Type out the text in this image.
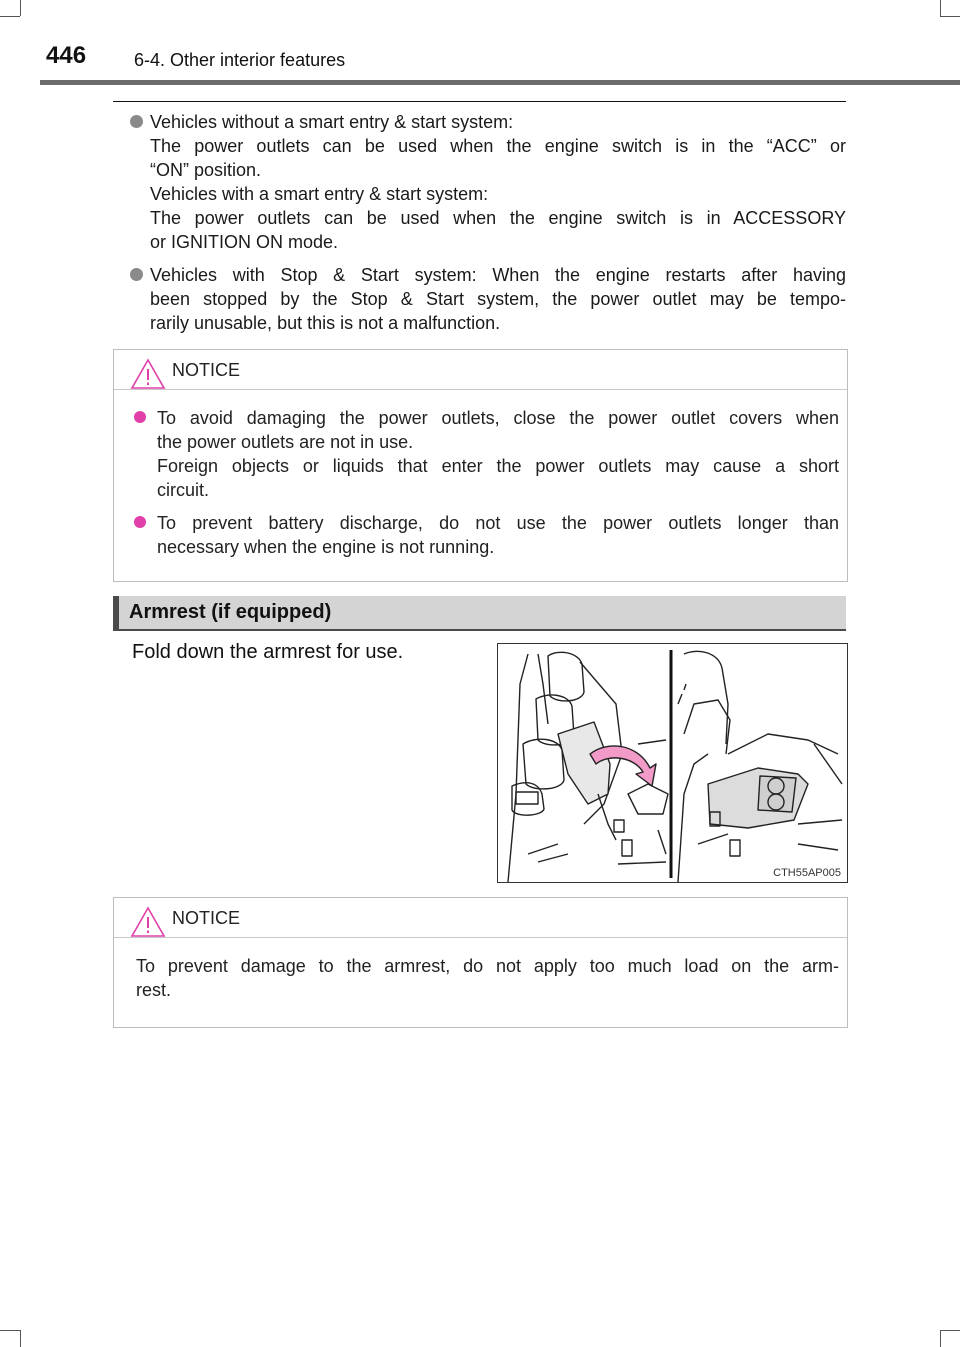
446	6-4. Other interior features
Vehicles without a smart entry & start system:
The power outlets can be used when the engine switch is in the “ACC” or
“ON” position.
Vehicles with a smart entry & start system:
The power outlets can be used when the engine switch is in ACCESSORY
or IGNITION ON mode.
Vehicles with Stop & Start system: When the engine restarts after having
been stopped by the Stop & Start system, the power outlet may be tempo-
rarily unusable, but this is not a malfunction.
NOTICE
To avoid damaging the power outlets, close the power outlet covers when
the power outlets are not in use.
Foreign objects or liquids that enter the power outlets may cause a short
circuit.
To prevent battery discharge, do not use the power outlets longer than
necessary when the engine is not running.
Armrest (if equipped)
Fold down the armrest for use.
CTH55AP005
NOTICE
To prevent damage to the armrest, do not apply too much load on the arm-
rest.
